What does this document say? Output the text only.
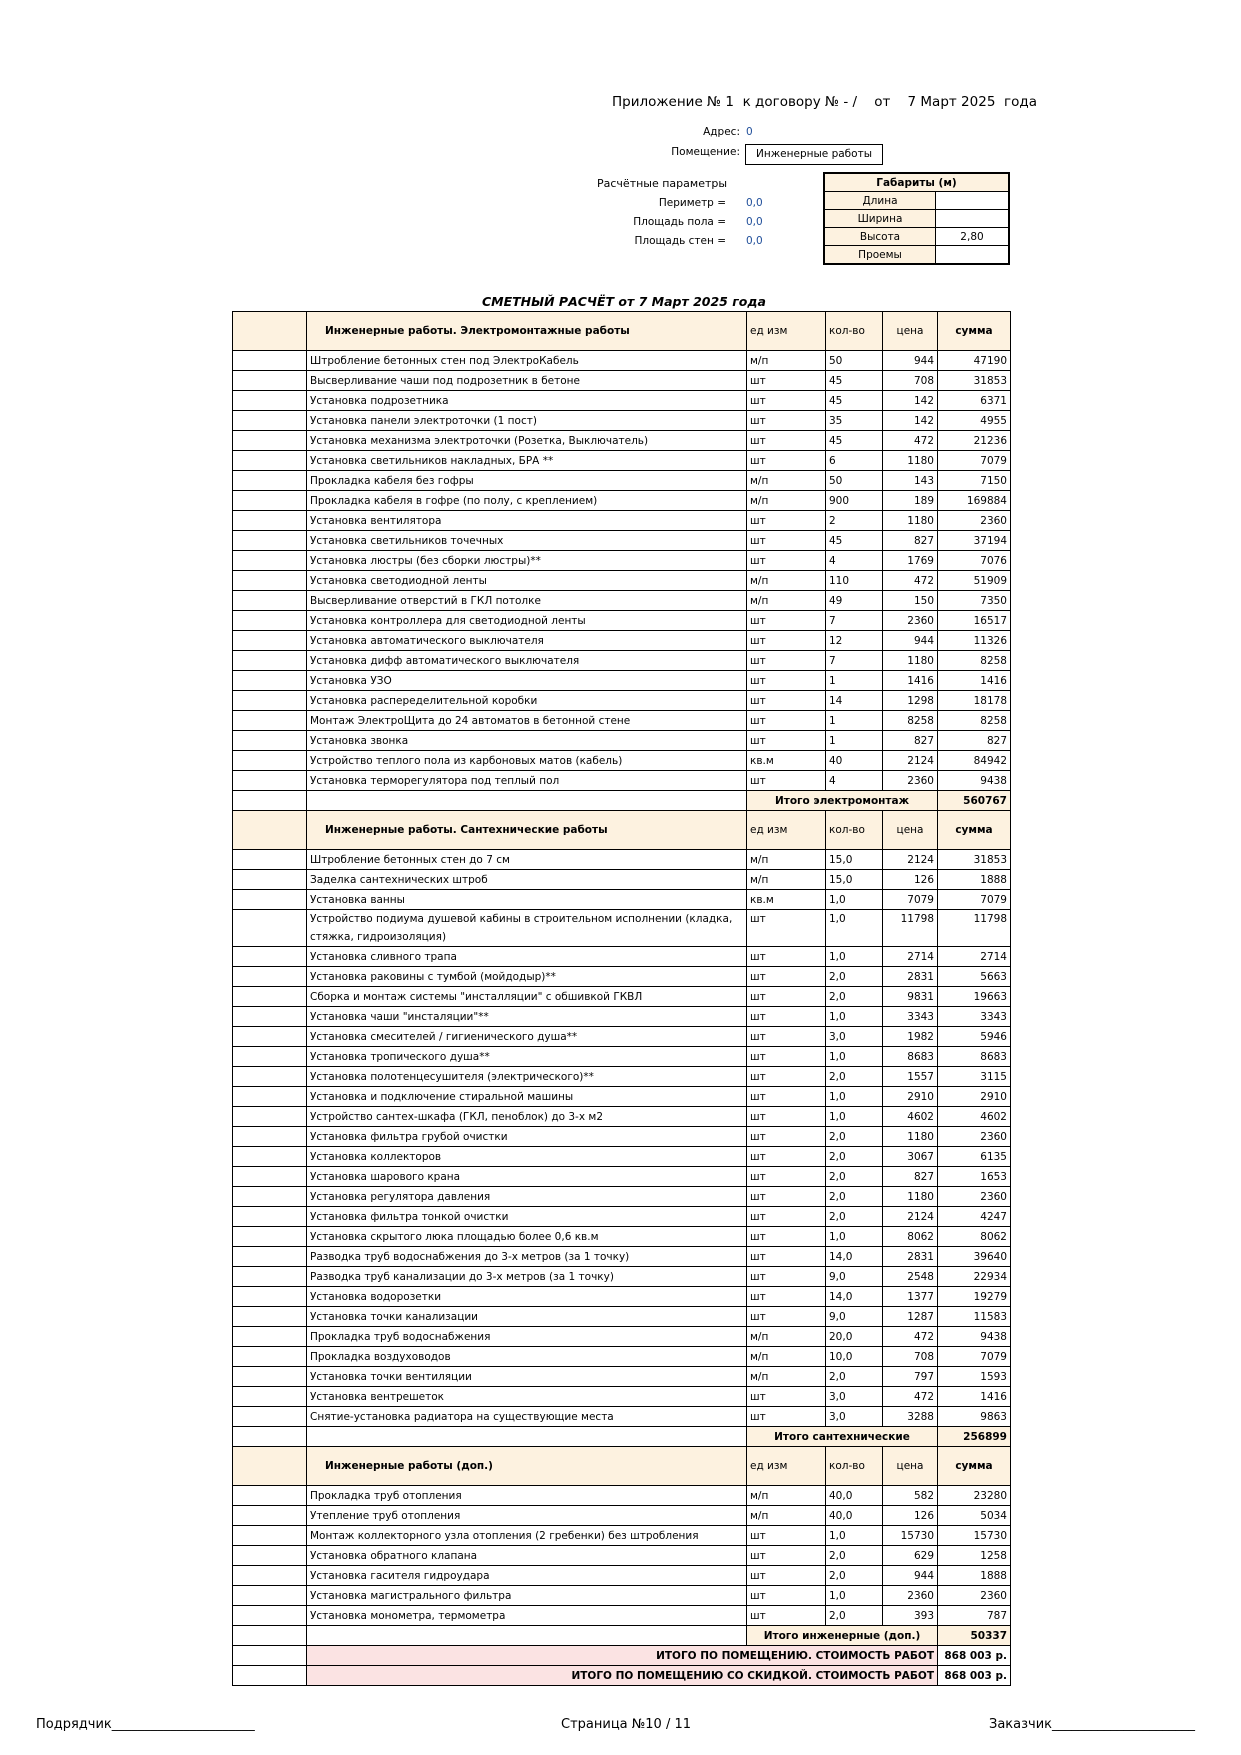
Приложение № 1 к договору № - / от 7 Март 2025 года
Адрес: 0
Помещение:	Инженерные работы
Расчётные параметры
Периметр = 0,0
Площадь пола = 0,0
Площадь стен = 0,0
Габариты (м)	
Длина	
Ширина	
Высота	2,80
Проемы	
СМЕТНЫЙ РАСЧЁТ от 7 Март 2025 года
	Инженерные работы. Электромонтажные работы	ед изм	кол-во	цена	сумма
	Штробление бетонных стен под ЭлектроКабель	м/п	50	944	47190
	Высверливание чаши под подрозетник в бетоне	шт	45	708	31853
	Установка подрозетника	шт	45	142	6371
	Установка панели электроточки (1 пост)	шт	35	142	4955
	Установка механизма электроточки (Розетка, Выключатель)	шт	45	472	21236
	Установка светильников накладных, БРА **	шт	6	1180	7079
	Прокладка кабеля без гофры	м/п	50	143	7150
	Прокладка кабеля в гофре (по полу, с креплением)	м/п	900	189	169884
	Установка вентилятора	шт	2	1180	2360
	Установка светильников точечных	шт	45	827	37194
	Установка люстры (без сборки люстры)**	шт	4	1769	7076
	Установка светодиодной ленты	м/п	110	472	51909
	Высверливание отверстий в ГКЛ потолке	м/п	49	150	7350
	Установка контроллера для светодиодной ленты	шт	7	2360	16517
	Установка автоматического выключателя	шт	12	944	11326
	Установка дифф автоматического выключателя	шт	7	1180	8258
	Установка УЗО	шт	1	1416	1416
	Установка распеределительной коробки	шт	14	1298	18178
	Монтаж ЭлектроЩита до 24 автоматов в бетонной стене	шт	1	8258	8258
	Установка звонка	шт	1	827	827
	Устройство теплого пола из карбоновых матов (кабель)	кв.м	40	2124	84942
	Установка терморегулятора под теплый пол	шт	4	2360	9438
		Итого электромонтаж			560767
	Инженерные работы. Сантехнические работы	ед изм	кол-во	цена	сумма
	Штробление бетонных стен до 7 см	м/п	15,0	2124	31853
	Заделка сантехнических штроб	м/п	15,0	126	1888
	Установка ванны	кв.м	1,0	7079	7079
	Устройство подиума душевой кабины в строительном исполнении (кладка, стяжка, гидроизоляция)	шт	1,0	11798	11798
	Установка сливного трапа	шт	1,0	2714	2714
	Установка раковины с тумбой (мойдодыр)**	шт	2,0	2831	5663
	Сборка и монтаж системы "инсталляции" с обшивкой ГКВЛ	шт	2,0	9831	19663
	Установка чаши "инсталяции"**	шт	1,0	3343	3343
	Установка смесителей / гигиенического душа**	шт	3,0	1982	5946
	Установка тропического душа**	шт	1,0	8683	8683
	Установка полотенцесушителя (электрического)**	шт	2,0	1557	3115
	Установка и подключение стиральной машины	шт	1,0	2910	2910
	Устройство сантех-шкафа (ГКЛ, пеноблок) до 3-х м2	шт	1,0	4602	4602
	Установка фильтра грубой очистки	шт	2,0	1180	2360
	Установка коллекторов	шт	2,0	3067	6135
	Установка шарового крана	шт	2,0	827	1653
	Установка регулятора давления	шт	2,0	1180	2360
	Установка фильтра тонкой очистки	шт	2,0	2124	4247
	Установка скрытого люка площадью более 0,6 кв.м	шт	1,0	8062	8062
	Разводка труб водоснабжения до 3-х метров (за 1 точку)	шт	14,0	2831	39640
	Разводка труб канализации до 3-х метров (за 1 точку)	шт	9,0	2548	22934
	Установка водорозетки	шт	14,0	1377	19279
	Установка точки канализации	шт	9,0	1287	11583
	Прокладка труб водоснабжения	м/п	20,0	472	9438
	Прокладка воздуховодов	м/п	10,0	708	7079
	Установка точки вентиляции	м/п	2,0	797	1593
	Установка вентрешеток	шт	3,0	472	1416
	Снятие-установка радиатора на существующие места	шт	3,0	3288	9863
		Итого сантехнические			256899
	Инженерные работы (доп.)	ед изм	кол-во	цена	сумма
	Прокладка труб отопления	м/п	40,0	582	23280
	Утепление труб отопления	м/п	40,0	126	5034
	Монтаж коллекторного узла отопления (2 гребенки) без штробления	шт	1,0	15730	15730
	Установка обратного клапана	шт	2,0	629	1258
	Установка гасителя гидроудара	шт	2,0	944	1888
	Установка магистрального фильтра	шт	1,0	2360	2360
	Установка монометра, термометра	шт	2,0	393	787
		Итого инженерные (доп.)			50337
	ИТОГО ПО ПОМЕЩЕНИЮ. СТОИМОСТЬ РАБОТ				868 003 р.
	ИТОГО ПО ПОМЕЩЕНИЮ СО СКИДКОЙ. СТОИМОСТЬ РАБОТ				868 003 р.
Подрядчик______________________	Страница №10 / 11	Заказчик______________________
